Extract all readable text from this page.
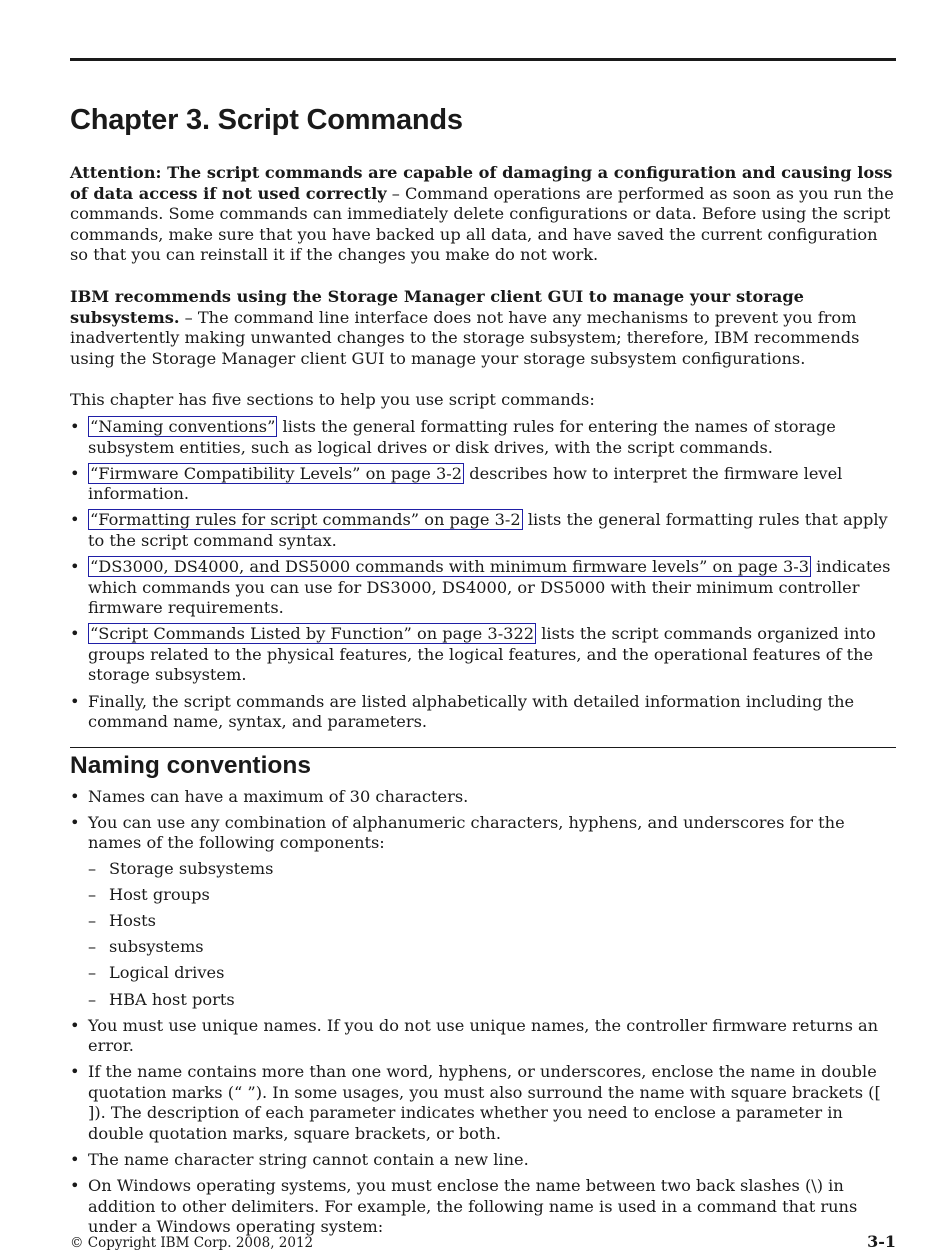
Chapter 3. Script Commands

Attention: The script commands are capable of damaging a configuration and causing loss of data access if not used correctly – Command operations are performed as soon as you run the commands. Some commands can immediately delete configurations or data. Before using the script commands, make sure that you have backed up all data, and have saved the current configuration so that you can reinstall it if the changes you make do not work.

IBM recommends using the Storage Manager client GUI to manage your storage subsystems. – The command line interface does not have any mechanisms to prevent you from inadvertently making unwanted changes to the storage subsystem; therefore, IBM recommends using the Storage Manager client GUI to manage your storage subsystem configurations.

This chapter has five sections to help you use script commands:

• “Naming conventions” lists the general formatting rules for entering the names of storage subsystem entities, such as logical drives or disk drives, with the script commands.
• “Firmware Compatibility Levels” on page 3-2 describes how to interpret the firmware level information.
• “Formatting rules for script commands” on page 3-2 lists the general formatting rules that apply to the script command syntax.
• “DS3000, DS4000, and DS5000 commands with minimum firmware levels” on page 3-3 indicates which commands you can use for DS3000, DS4000, or DS5000 with their minimum controller firmware requirements.
• “Script Commands Listed by Function” on page 3-322 lists the script commands organized into groups related to the physical features, the logical features, and the operational features of the storage subsystem.
• Finally, the script commands are listed alphabetically with detailed information including the command name, syntax, and parameters.
Naming conventions
• Names can have a maximum of 30 characters.
• You can use any combination of alphanumeric characters, hyphens, and underscores for the names of the following components:
– Storage subsystems
– Host groups
– Hosts
– subsystems
– Logical drives
– HBA host ports
• You must use unique names. If you do not use unique names, the controller firmware returns an error.
• If the name contains more than one word, hyphens, or underscores, enclose the name in double quotation marks (“ ”). In some usages, you must also surround the name with square brackets ([ ]). The description of each parameter indicates whether you need to enclose a parameter in double quotation marks, square brackets, or both.
• The name character string cannot contain a new line.
• On Windows operating systems, you must enclose the name between two back slashes (\) in addition to other delimiters. For example, the following name is used in a command that runs under a Windows operating system:
© Copyright IBM Corp. 2008, 2012	3-1
